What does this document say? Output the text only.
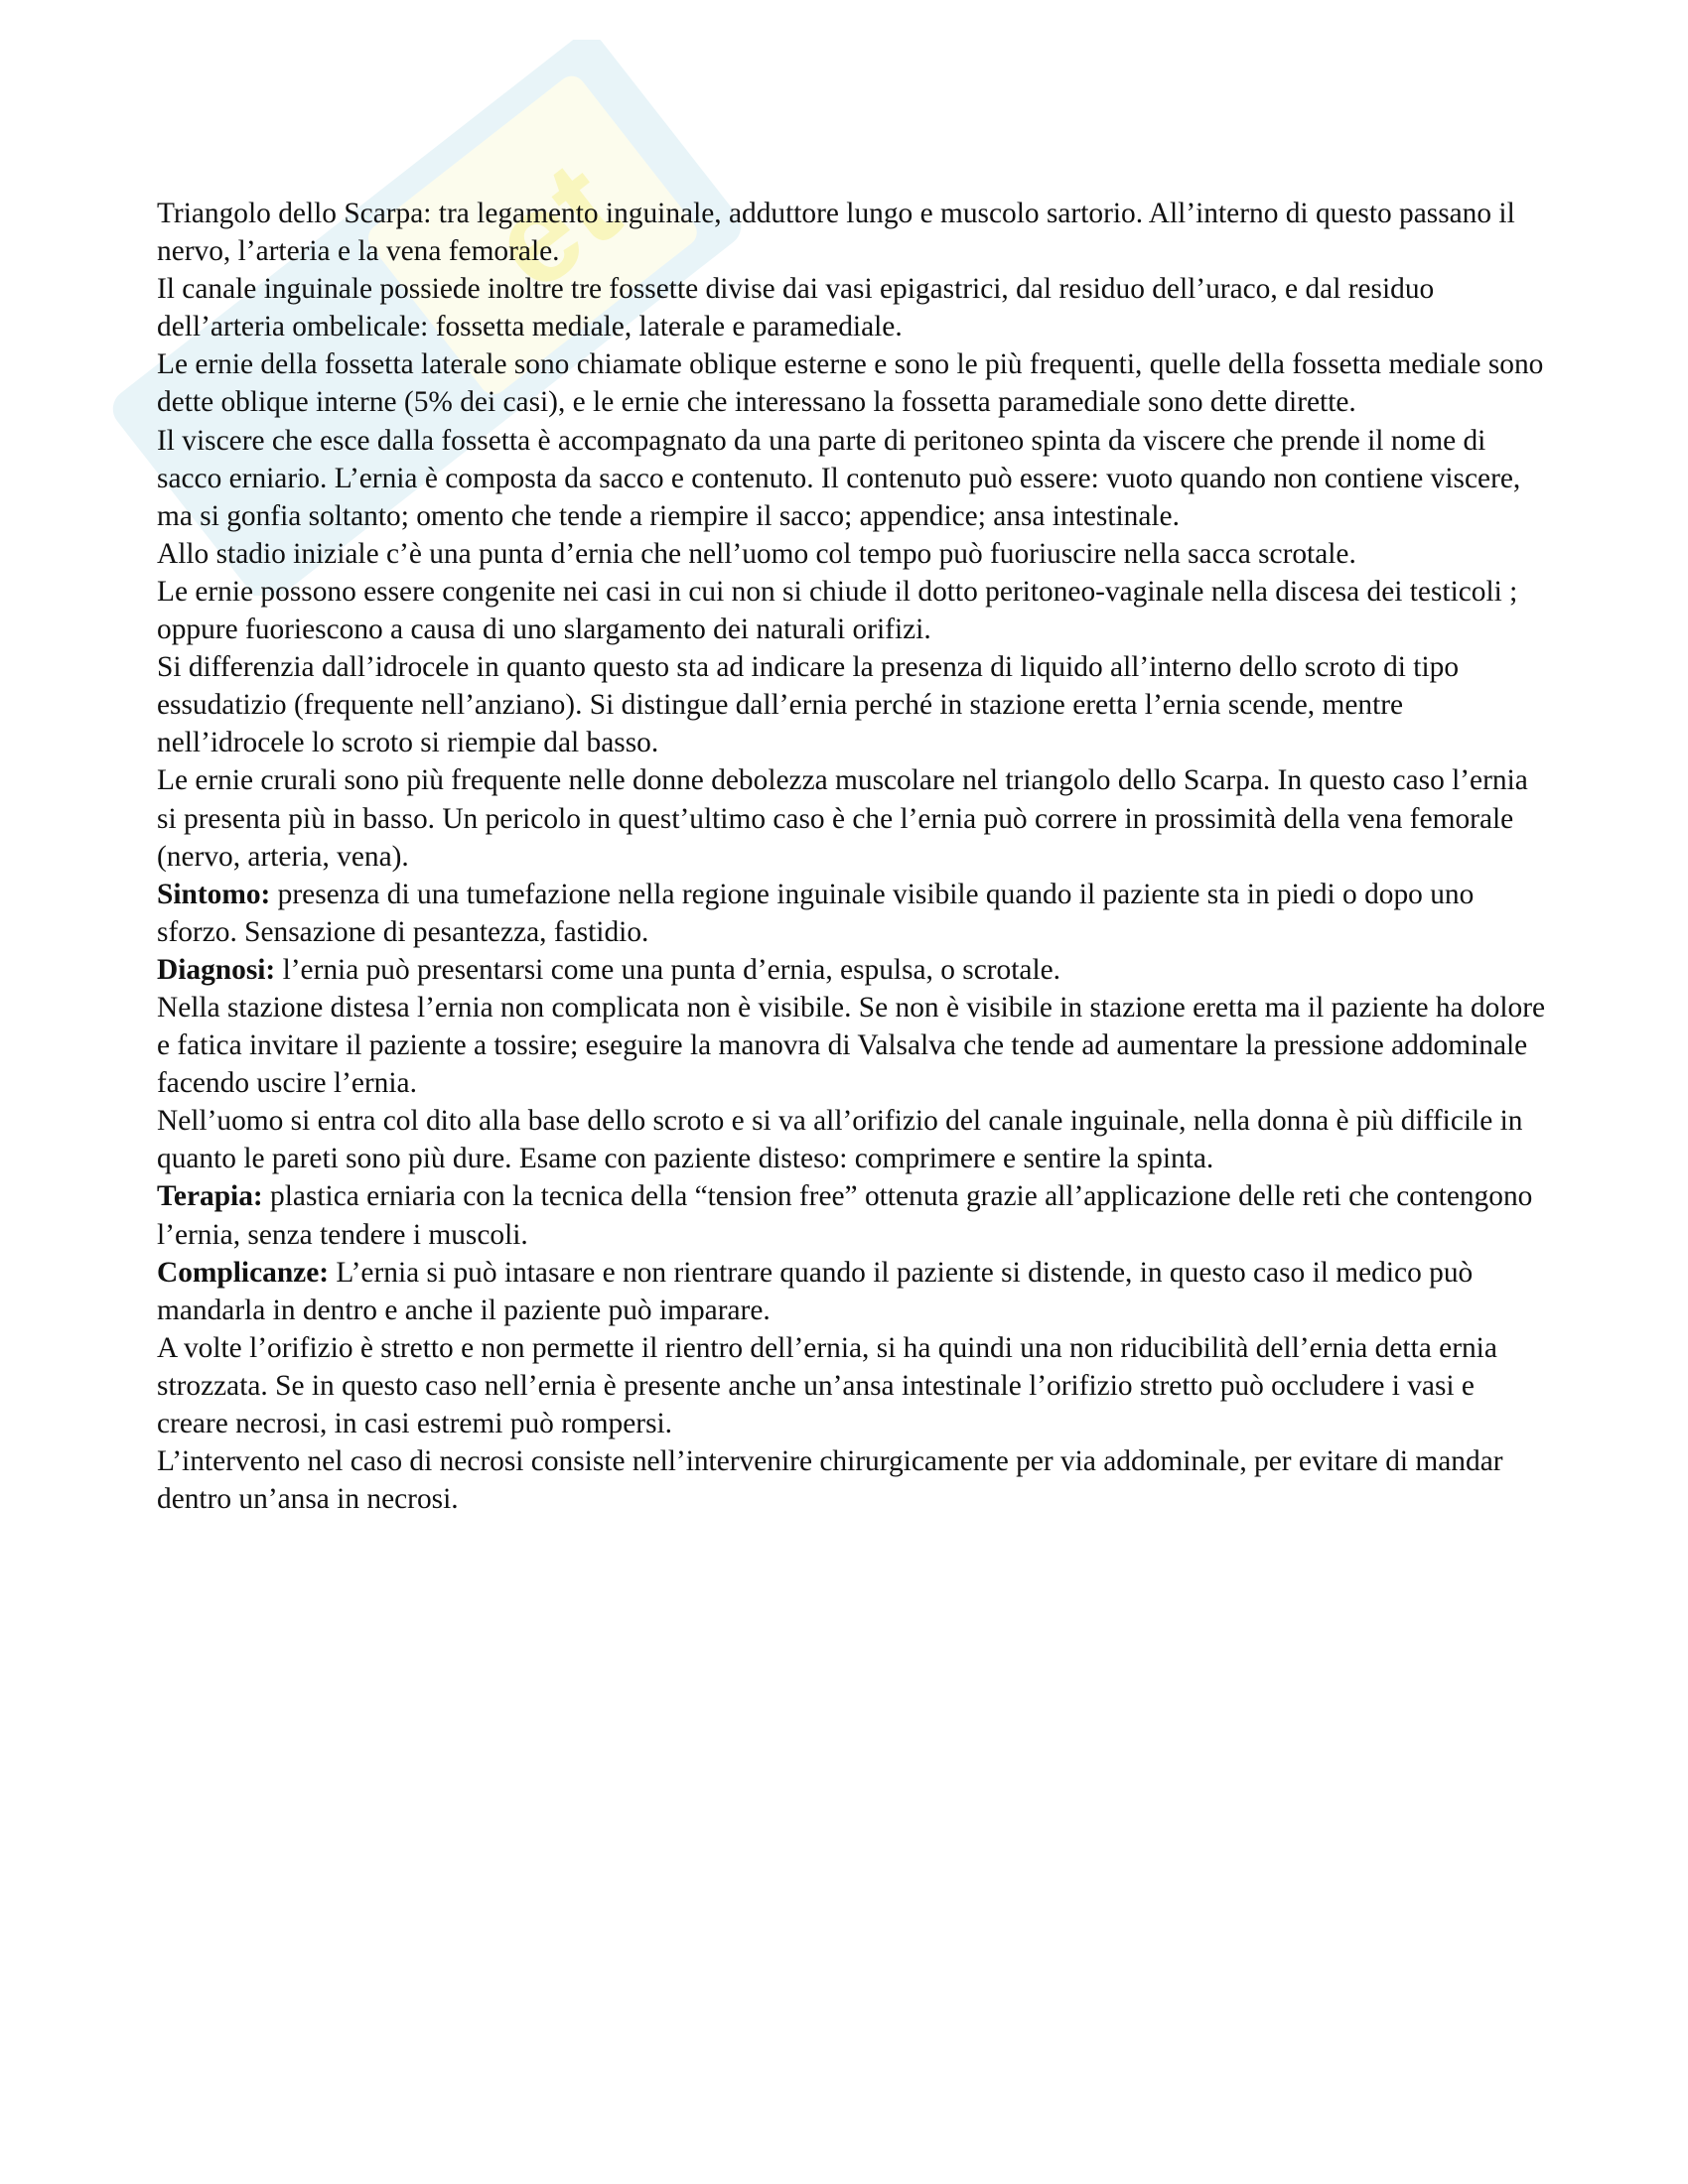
et

Triangolo dello Scarpa: tra legamento inguinale, adduttore lungo e muscolo sartorio. All’interno di questo passano il nervo, l’arteria e la vena femorale.

Il canale inguinale possiede inoltre tre fossette divise dai vasi epigastrici, dal residuo dell’uraco, e dal residuo dell’arteria ombelicale: fossetta mediale, laterale e paramediale.

Le ernie della fossetta laterale sono chiamate oblique esterne e sono le più frequenti, quelle della fossetta mediale sono dette oblique interne (5% dei casi), e le ernie che interessano la fossetta paramediale sono dette dirette.

Il viscere che esce dalla fossetta è accompagnato da una parte di peritoneo spinta da viscere che prende il nome di sacco erniario. L’ernia è composta da sacco e contenuto. Il contenuto può essere: vuoto quando non contiene viscere, ma si gonfia soltanto; omento che tende a riempire il sacco; appendice; ansa intestinale.

Allo stadio iniziale c’è una punta d’ernia che nell’uomo col tempo può fuoriuscire nella sacca scrotale.

Le ernie possono essere congenite nei casi in cui non si chiude il dotto peritoneo-vaginale nella discesa dei testicoli ; oppure fuoriescono a causa di uno slargamento dei naturali orifizi.

Si differenzia dall’idrocele in quanto questo sta ad indicare la presenza di liquido all’interno dello scroto di tipo essudatizio (frequente nell’anziano). Si distingue dall’ernia perché in stazione eretta l’ernia scende, mentre nell’idrocele lo scroto si riempie dal basso.

Le ernie crurali sono più frequente nelle donne debolezza muscolare nel triangolo dello Scarpa. In questo caso l’ernia si presenta più in basso. Un pericolo in quest’ultimo caso è che l’ernia può correre in prossimità della vena femorale (nervo, arteria, vena).

Sintomo: presenza di una tumefazione nella regione inguinale visibile quando il paziente sta in piedi o dopo uno sforzo. Sensazione di pesantezza, fastidio.

Diagnosi: l’ernia può presentarsi come una punta d’ernia, espulsa, o scrotale.

Nella stazione distesa l’ernia non complicata non è visibile. Se non è visibile in stazione eretta ma il paziente ha dolore e fatica invitare il paziente a tossire; eseguire la manovra di Valsalva che tende ad aumentare la pressione addominale facendo uscire l’ernia.

Nell’uomo si entra col dito alla base dello scroto e si va all’orifizio del canale inguinale, nella donna è più difficile in quanto le pareti sono più dure. Esame con paziente disteso: comprimere e sentire la spinta.

Terapia: plastica erniaria con la tecnica della “tension free” ottenuta grazie all’applicazione delle reti che contengono l’ernia, senza tendere i muscoli.

Complicanze: L’ernia si può intasare e non rientrare quando il paziente si distende, in questo caso il medico può mandarla in dentro e anche il paziente può imparare.

A volte l’orifizio è stretto e non permette il rientro dell’ernia, si ha quindi una non riducibilità dell’ernia detta ernia strozzata. Se in questo caso nell’ernia è presente anche un’ansa intestinale l’orifizio stretto può occludere i vasi e creare necrosi, in casi estremi può rompersi.

L’intervento nel caso di necrosi consiste nell’intervenire chirurgicamente per via addominale, per evitare di mandar dentro un’ansa in necrosi.
